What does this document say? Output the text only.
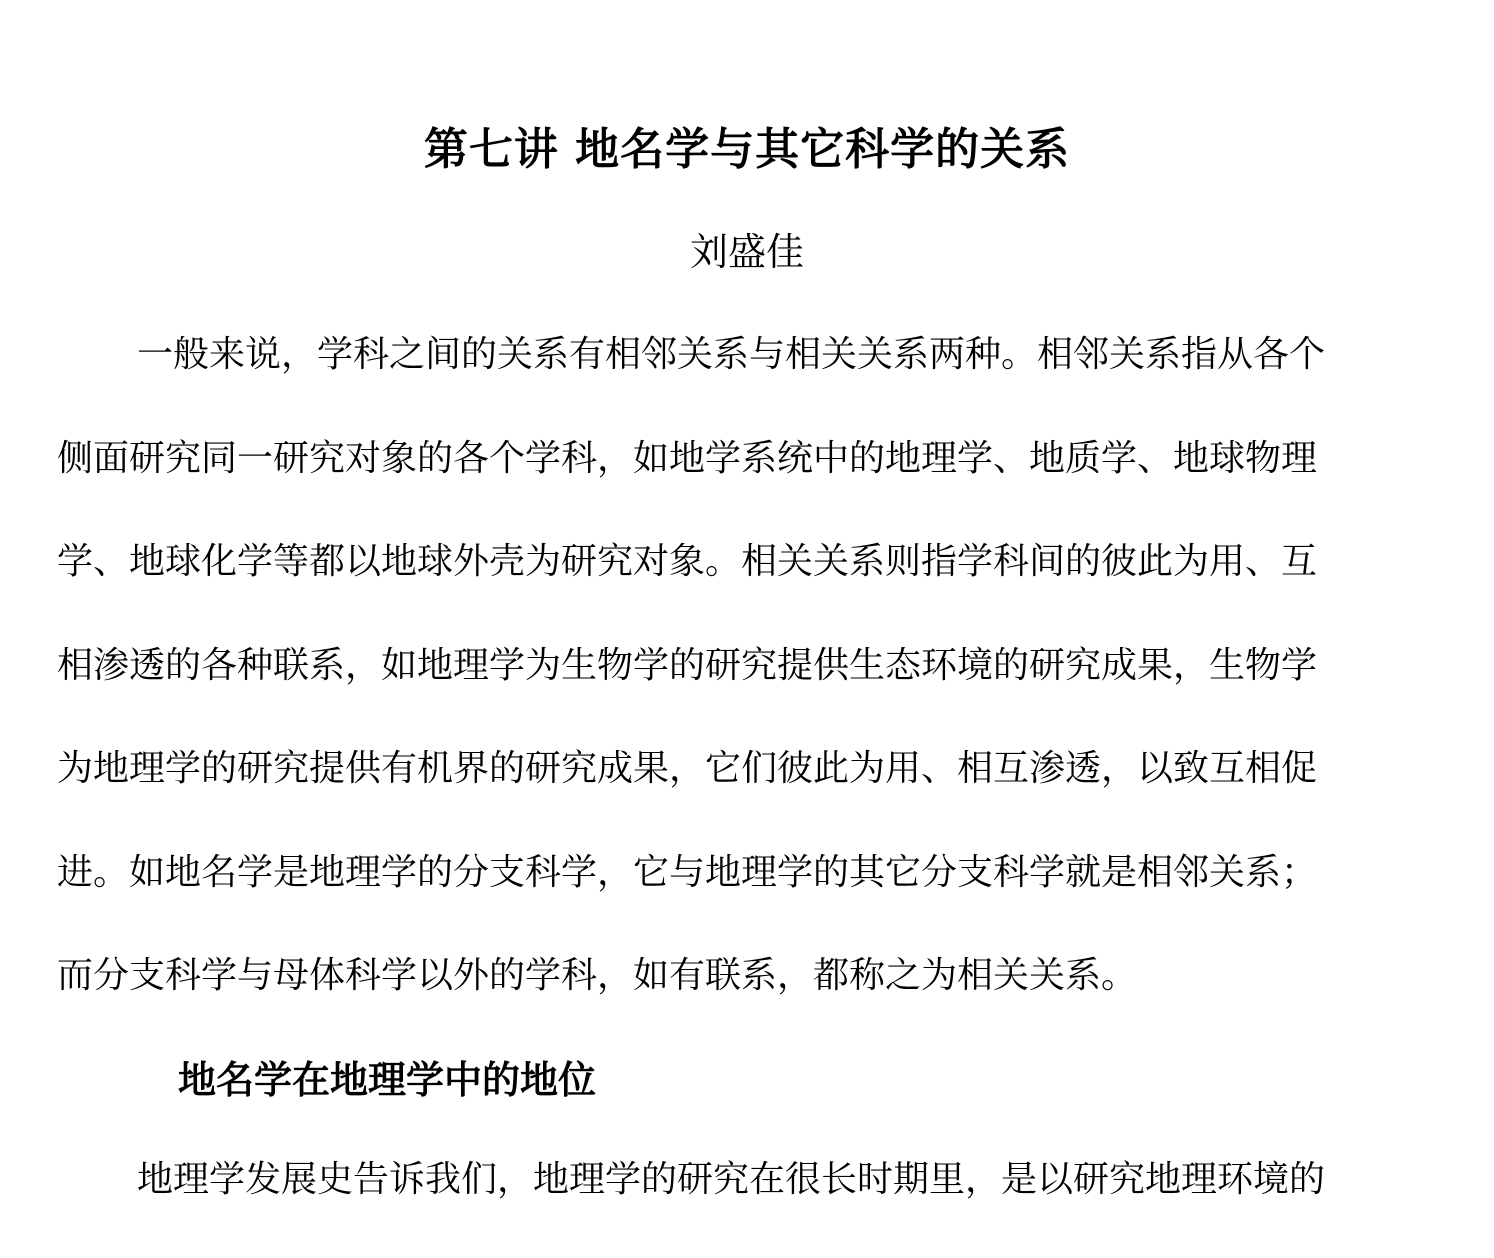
第七讲 地名学与其它科学的关系
刘盛佳
一般来说，学科之间的关系有相邻关系与相关关系两种。相邻关系指从各个
侧面研究同一研究对象的各个学科，如地学系统中的地理学、地质学、地球物理
学、地球化学等都以地球外壳为研究对象。相关关系则指学科间的彼此为用、互
相渗透的各种联系，如地理学为生物学的研究提供生态环境的研究成果，生物学
为地理学的研究提供有机界的研究成果，它们彼此为用、相互渗透，以致互相促
进。如地名学是地理学的分支科学，它与地理学的其它分支科学就是相邻关系；
而分支科学与母体科学以外的学科，如有联系，都称之为相关关系。
地名学在地理学中的地位
地理学发展史告诉我们，地理学的研究在很长时期里，是以研究地理环境的
